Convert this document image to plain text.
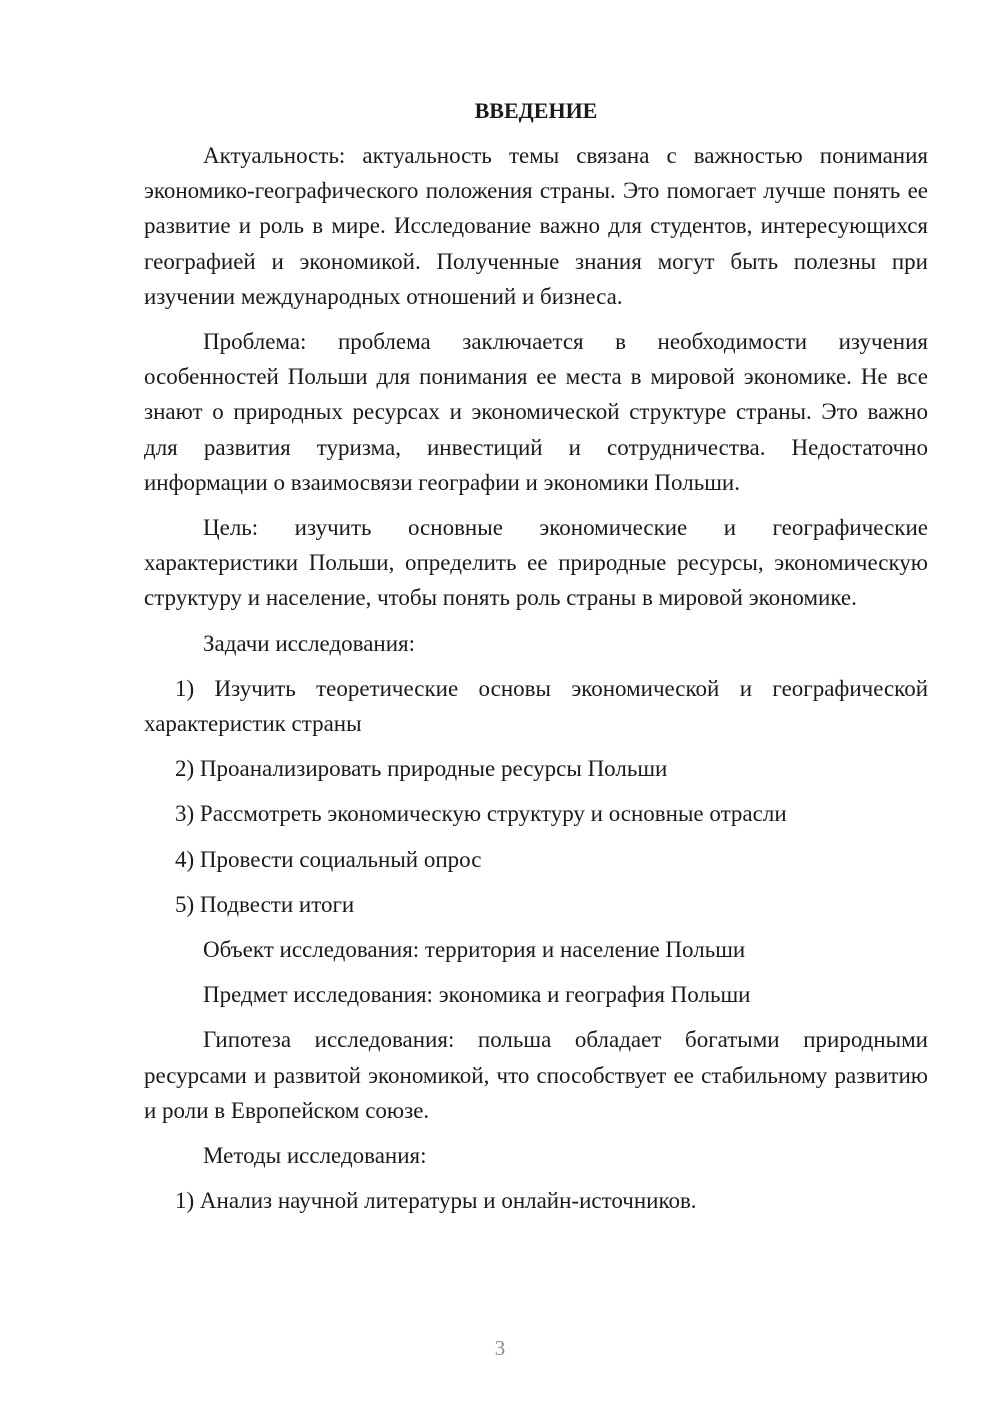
ВВЕДЕНИЕ
Актуальность: актуальность темы связана с важностью понимания экономико-географического положения страны. Это помогает лучше понять ее развитие и роль в мире. Исследование важно для студентов, интересующихся географией и экономикой. Полученные знания могут быть полезны при изучении международных отношений и бизнеса.
Проблема: проблема заключается в необходимости изучения особенностей Польши для понимания ее места в мировой экономике. Не все знают о природных ресурсах и экономической структуре страны. Это важно для развития туризма, инвестиций и сотрудничества. Недостаточно информации о взаимосвязи географии и экономики Польши.
Цель: изучить основные экономические и географические характеристики Польши, определить ее природные ресурсы, экономическую структуру и население, чтобы понять роль страны в мировой экономике.
Задачи исследования:
1) Изучить теоретические основы экономической и географической характеристик страны
2) Проанализировать природные ресурсы Польши
3) Рассмотреть экономическую структуру и основные отрасли
4) Провести социальный опрос
5) Подвести итоги
Объект исследования: территория и население Польши
Предмет исследования: экономика и география Польши
Гипотеза исследования: польша обладает богатыми природными ресурсами и развитой экономикой, что способствует ее стабильному развитию и роли в Европейском союзе.
Методы исследования:
1) Анализ научной литературы и онлайн-источников.
3
